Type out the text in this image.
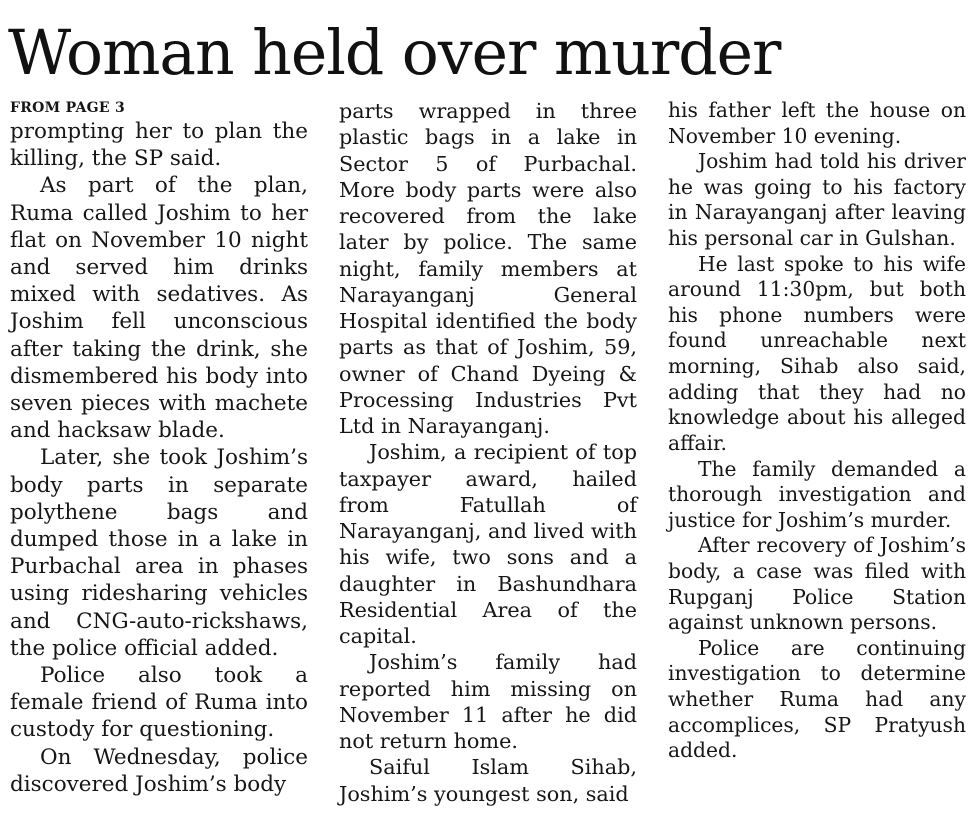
Woman held over murder
FROM PAGE 3

prompting her to plan the killing, the SP said.

As part of the plan, Ruma called Joshim to her flat on November 10 night and served him drinks mixed with sedatives. As Joshim fell unconscious after taking the drink, she dismembered his body into seven pieces with machete and hacksaw blade.

Later, she took Joshim’s body parts in separate polythene bags and dumped those in a lake in Purbachal area in phases using ridesharing vehicles and CNG-auto-rickshaws, the police official added.

Police also took a female friend of Ruma into custody for questioning.

On Wednesday, police discovered Joshim’s body

parts wrapped in three plastic bags in a lake in Sector 5 of Purbachal. More body parts were also recovered from the lake later by police. The same night, family members at Narayanganj General Hospital identified the body parts as that of Joshim, 59, owner of Chand Dyeing & Processing Industries Pvt Ltd in Narayanganj.

Joshim, a recipient of top taxpayer award, hailed from Fatullah of Narayanganj, and lived with his wife, two sons and a daughter in Bashundhara Residential Area of the capital.

Joshim’s family had reported him missing on November 11 after he did not return home.

Saiful Islam Sihab, Joshim’s youngest son, said

his father left the house on November 10 evening.

Joshim had told his driver he was going to his factory in Narayanganj after leaving his personal car in Gulshan.

He last spoke to his wife around 11:30pm, but both his phone numbers were found unreachable next morning, Sihab also said, adding that they had no knowledge about his alleged affair.

The family demanded a thorough investigation and justice for Joshim’s murder.

After recovery of Joshim’s body, a case was filed with Rupganj Police Station against unknown persons.

Police are continuing investigation to determine whether Ruma had any accomplices, SP Pratyush added.
